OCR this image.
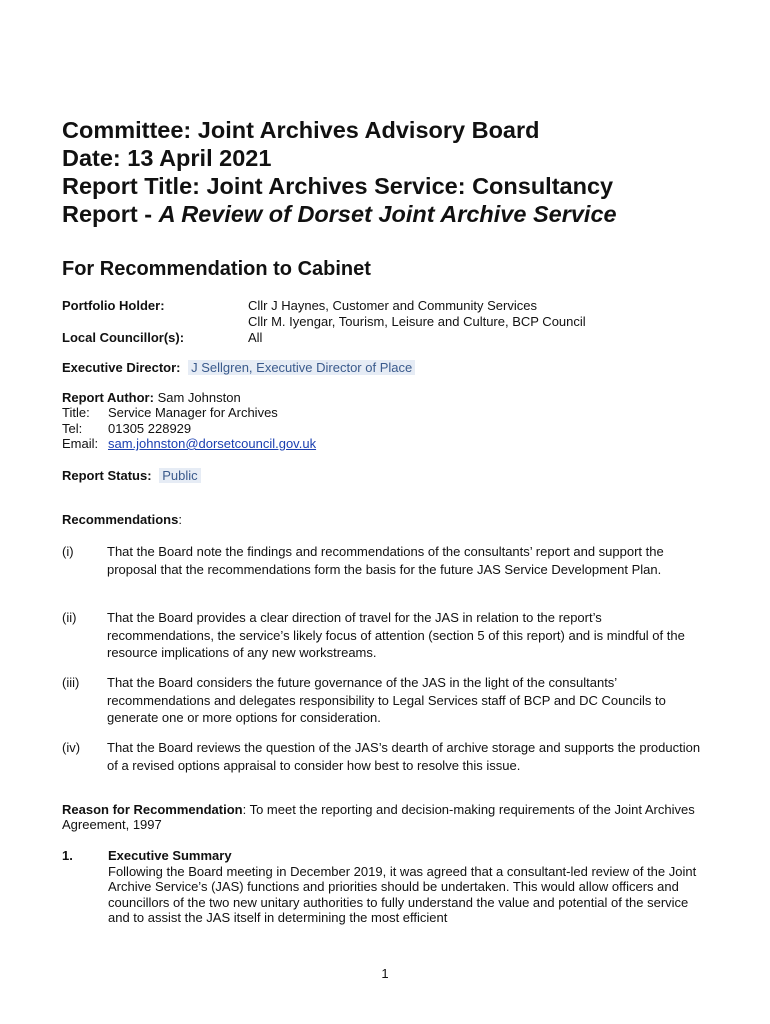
Committee: Joint Archives Advisory Board
Date: 13 April 2021
Report Title: Joint Archives Service: Consultancy
Report - A Review of Dorset Joint Archive Service
For Recommendation to Cabinet
Portfolio Holder:	Cllr J Haynes, Customer and Community Services
Cllr M. Iyengar, Tourism, Leisure and Culture, BCP Council
Local Councillor(s):	All
Executive Director: J Sellgren, Executive Director of Place
Report Author: Sam Johnston
Title: Service Manager for Archives
Tel: 01305 228929
Email: sam.johnston@dorsetcouncil.gov.uk
Report Status: Public
Recommendations:
(i)	That the Board note the findings and recommendations of the consultants’ report and support the proposal that the recommendations form the basis for the future JAS Service Development Plan.
(ii) That the Board provides a clear direction of travel for the JAS in relation to the report’s recommendations, the service’s likely focus of attention (section 5 of this report) and is mindful of the resource implications of any new workstreams.
(iii) That the Board considers the future governance of the JAS in the light of the consultants’ recommendations and delegates responsibility to Legal Services staff of BCP and DC Councils to generate one or more options for consideration.
(iv) That the Board reviews the question of the JAS’s dearth of archive storage and supports the production of a revised options appraisal to consider how best to resolve this issue.
Reason for Recommendation: To meet the reporting and decision-making requirements of the Joint Archives Agreement, 1997
1.	Executive Summary
Following the Board meeting in December 2019, it was agreed that a consultant-led review of the Joint Archive Service’s (JAS) functions and priorities should be undertaken. This would allow officers and councillors of the two new unitary authorities to fully understand the value and potential of the service and to assist the JAS itself in determining the most efficient
1
